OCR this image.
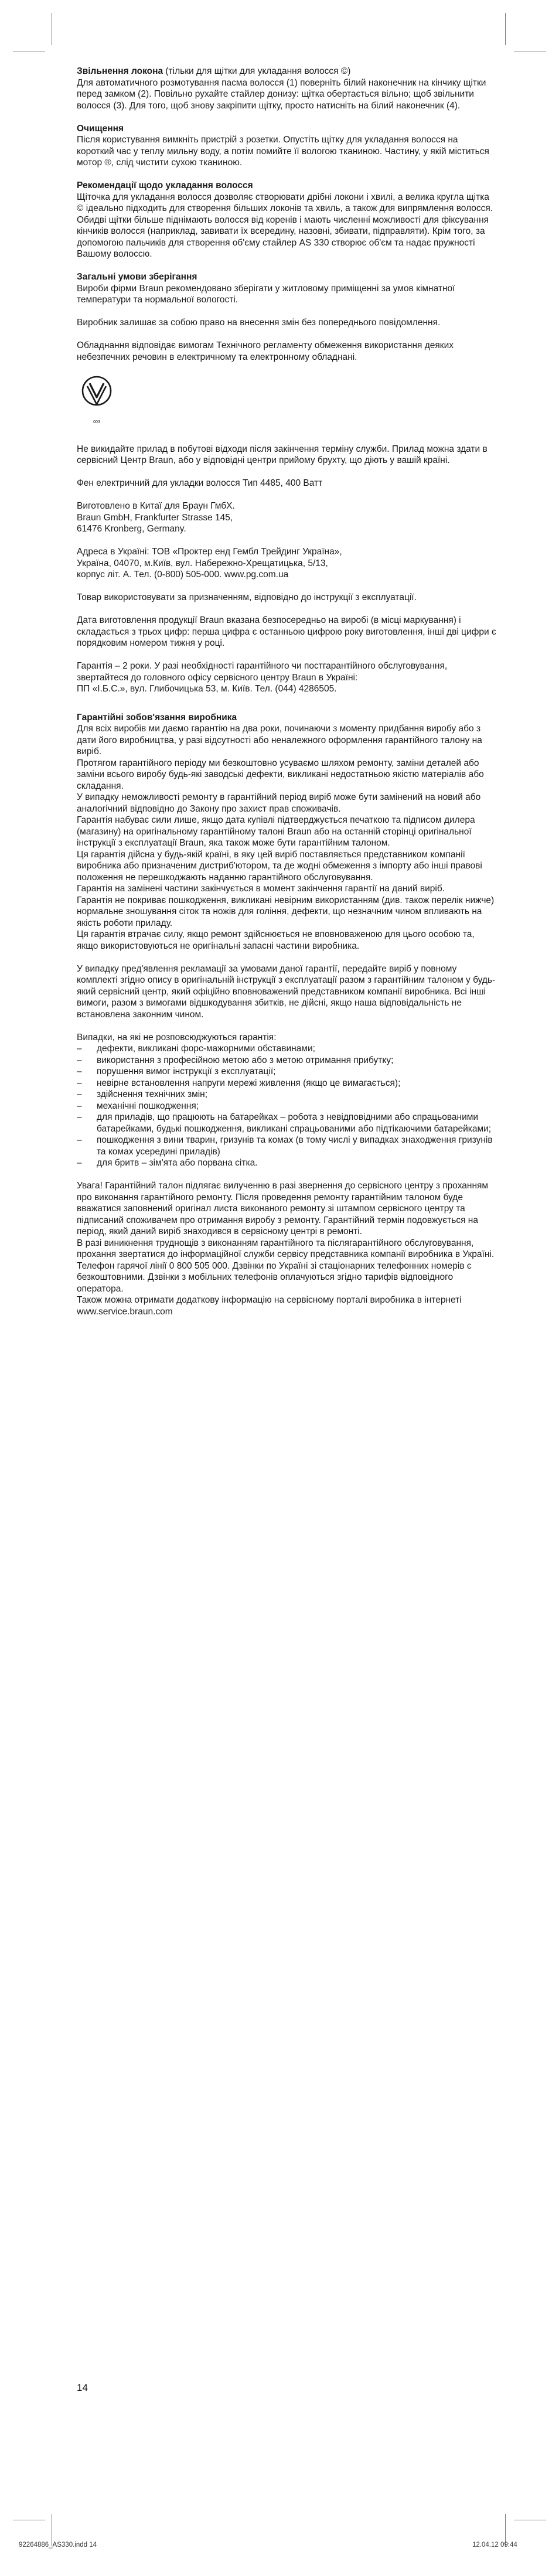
Звільнення локона (тільки для щітки для укладання волосся ©)

Для автоматичного розмотування пасма волосся (1) поверніть білий наконечник на кінчику щітки перед замком (2). Повільно рухайте стайлер донизу: щітка обертається вільно; щоб звільнити волосся (3). Для того, щоб знову закріпити щітку, просто натисніть на білий наконечник (4).

Очищення

Після користування вимкніть пристрій з розетки. Опустіть щітку для укладання волосся на короткий час у теплу мильну воду, а потім помийте її вологою тканиною. Частину, у якій міститься мотор ®, слід чистити сухою тканиною.

Рекомендації щодо укладання волосся

Щіточка для укладання волосся дозволяє створювати дрібні локони і хвилі, а велика кругла щітка © ідеально підходить для створення більших локонів та хвиль, а також для випрямлення волосся. Обидві щітки більше піднімають волосся від коренів і мають численні можливості для фіксування кінчиків волосся (наприклад, завивати їх всередину, назовні, збивати, підправляти). Крім того, за допомогою пальчиків для створення об'єму стайлер AS 330 створює об'єм та надає пружності Вашому волоссю.

Загальні умови зберігання

Вироби фірми Braun рекомендовано зберігати у житловому приміщенні за умов кімнатної температури та нормальної вологості.

Виробник залишає за собою право на внесення змін без попереднього повідомлення.

Обладнання відповідає вимогам Технічного регламенту обмеження використання деяких небезпечних речовин в електричному та електронному обладнані.

003

Не викидайте прилад в побутові відходи після закінчення терміну служби. Прилад можна здати в сервісний Центр Braun, або у відповідні центри прийому брухту, що діють у вашій країні.

Фен електричний для укладки волосся Тип 4485, 400 Ватт

Виготовлено в Китаї для Браун ГмбХ.

Braun GmbH, Frankfurter Strasse 145,

61476 Kronberg, Germany.

Адреса в Україні: ТОВ «Проктер енд Гембл Трейдинг Україна»,

Україна, 04070, м.Київ, вул. Набережно-Хрещатицька, 5/13,

корпус літ. А. Тел. (0-800) 505-000. www.pg.com.ua

Товар використовувати за призначенням, відповідно до інструкції з експлуатації.

Дата виготовлення продукції Braun вказана безпосередньо на виробі (в місці маркування) і складається з трьох цифр: перша цифра є останньою цифрою року виготовлення, інші дві цифри є порядковим номером тижня у році.

Гарантія – 2 роки. У разі необхідності гарантійного чи постгарантійного обслуговування, звертайтеся до головного офісу сервісного центру Braun в Україні:

ПП «І.Б.С.», вул. Глибочицька 53, м. Київ. Тел. (044) 4286505.

Гарантійні зобов'язання виробника

Для всіх виробів ми даємо гарантію на два роки, починаючи з моменту придбання виробу або з дати його виробництва, у разі відсутності або неналежного оформлення гарантійного талону на виріб.

Протягом гарантійного періоду ми безкоштовно усуваємо шляхом ремонту, заміни деталей або заміни всього виробу будь-які заводські дефекти, викликані недостатньою якістю матеріалів або складання.

У випадку неможливості ремонту в гарантійний період виріб може бути замінений на новий або аналогічний відповідно до Закону про захист прав споживачів.

Гарантія набуває сили лише, якщо дата купівлі підтверджується печаткою та підписом дилера (магазину) на оригінальному гарантійному талоні Braun або на останній сторінці оригінальної інструкції з експлуатації Braun, яка також може бути гарантійним талоном.

Ця гарантія дійсна у будь-якій країні, в яку цей виріб поставляється представником компанії виробника або призначеним дистриб'ютором, та де жодні обмеження з імпорту або інші правові положення не перешкоджають наданню гарантійного обслуговування.

Гарантія на замінені частини закінчується в момент закінчення гарантії на даний виріб.

Гарантія не покриває пошкодження, викликані невірним використанням (див. також перелік нижче) нормальне зношування сіток та ножів для гоління, дефекти, що незначним чином впливають на якість роботи приладу.

Ця гарантія втрачає силу, якщо ремонт здійснюється не вповноваженою для цього особою та, якщо використовуються не оригінальні запасні частини виробника.

У випадку пред'явлення рекламації за умовами даної гарантії, передайте виріб у повному комплекті згідно опису в оригінальній інструкції з експлуатації разом з гарантійним талоном у будь-який сервісний центр, який офіційно вповноважений представником компанії виробника. Всі інші вимоги, разом з вимогами відшкодування збитків, не дійсні, якщо наша відповідальність не встановлена законним чином.

Випадки, на які не розповсюджуються гарантія:

– дефекти, викликані форс-мажорними обставинами;
– використання з професійною метою або з метою отримання прибутку;
– порушення вимог інструкції з експлуатації;
– невірне встановлення напруги мережі живлення (якщо це вимагається);
– здійснення технічних змін;
– механічні пошкодження;
– для приладів, що працюють на батарейках – робота з невідповідними або спрацьованими батарейками, будькі пошкодження, викликані спрацьованими або підтікаючими батарейками;
– пошкодження з вини тварин, гризунів та комах (в тому числі у випадках знаходження гризунів та комах усередині приладів)
– для бритв – зім'ята або порвана сітка.

Увага! Гарантійний талон підлягає вилученню в разі звернення до сервісного центру з проханням про виконання гарантійного ремонту. Після проведення ремонту гарантійним талоном буде вважатися заповнений оригінал листа виконаного ремонту зі штампом сервісного центру та підписаний споживачем про отримання виробу з ремонту. Гарантійний термін подовжується на період, який даний виріб знаходився в сервісному центрі в ремонті.

В разі виникнення труднощів з виконанням гарантійного та післягарантійного обслуговування, прохання звертатися до інформаційної служби сервісу представника компанії виробника в Україні.

Телефон гарячої лінії 0 800 505 000. Дзвінки по Україні зі стаціонарних телефонних номерів є безкоштовними. Дзвінки з мобільних телефонів оплачуються згідно тарифів відповідного оператора.

Також можна отримати додаткову інформацію на сервісному порталі виробника в інтернеті www.service.braun.com

14
92264886_AS330.indd 14	12.04.12 09:44
